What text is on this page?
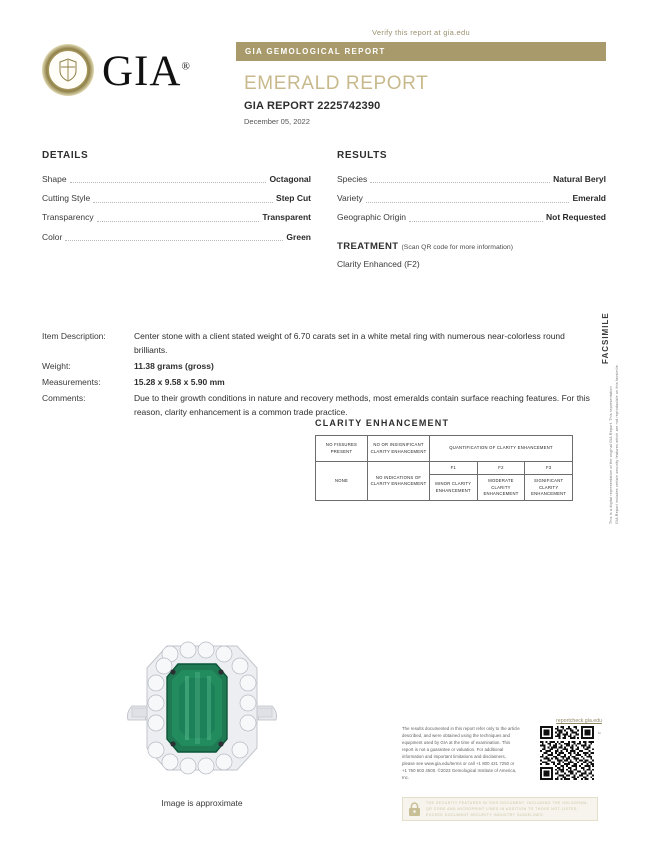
GIA®
Verify this report at gia.edu
GIA GEMOLOGICAL REPORT
EMERALD REPORT
GIA REPORT 2225742390
December 05, 2022
DETAILS
Shape	Octagonal
Cutting Style	Step Cut
Transparency	Transparent
Color	Green
RESULTS
Species	Natural Beryl
Variety	Emerald
Geographic Origin	Not Requested
TREATMENT (Scan QR code for more information)
Clarity Enhanced (F2)
Item Description:	Center stone with a client stated weight of 6.70 carats set in a white metal ring with numerous near-colorless round brilliants.
Weight:	11.38 grams (gross)
Measurements:	15.28 x 9.58 x 5.90 mm
Comments:	Due to their growth conditions in nature and recovery methods, most emeralds contain surface reaching features. For this reason, clarity enhancement is a common trade practice.
CLARITY ENHANCEMENT
NO FISSURES PRESENT	NO OR INSIGNIFICANT CLARITY ENHANCEMENT	QUANTIFICATION OF CLARITY ENHANCEMENT		
NONE	NO INDICATIONS OF CLARITY ENHANCEMENT	F1	F2	F3
		MINOR CLARITY ENHANCEMENT	MODERATE CLARITY ENHANCEMENT	SIGNIFICANT CLARITY ENHANCEMENT
FACSIMILE
This is a digital representation of the original GIA Report. This representation GIA Report includes certain security features which are not reproducible on this facsimile.
Image is approximate
reportcheck.gia.edu
The results documented in this report refer only to the article described, and were obtained using the techniques and equipment used by GIA at the time of examination. This report is not a guarantee or valuation. For additional information and important limitations and disclaimers, please see www.gia.edu/terms or call +1 800 421 7250 or +1 760 603 4500. ©2023 Gemological Institute of America, Inc.
2
THE SECURITY FEATURES IN THIS DOCUMENT, INCLUDING THE HOLOGRAM, QR CODE AND MICROPRINT LINES IN ADDITION TO THOSE NOT LISTED, EXCEED DOCUMENT SECURITY INDUSTRY GUIDELINES.
